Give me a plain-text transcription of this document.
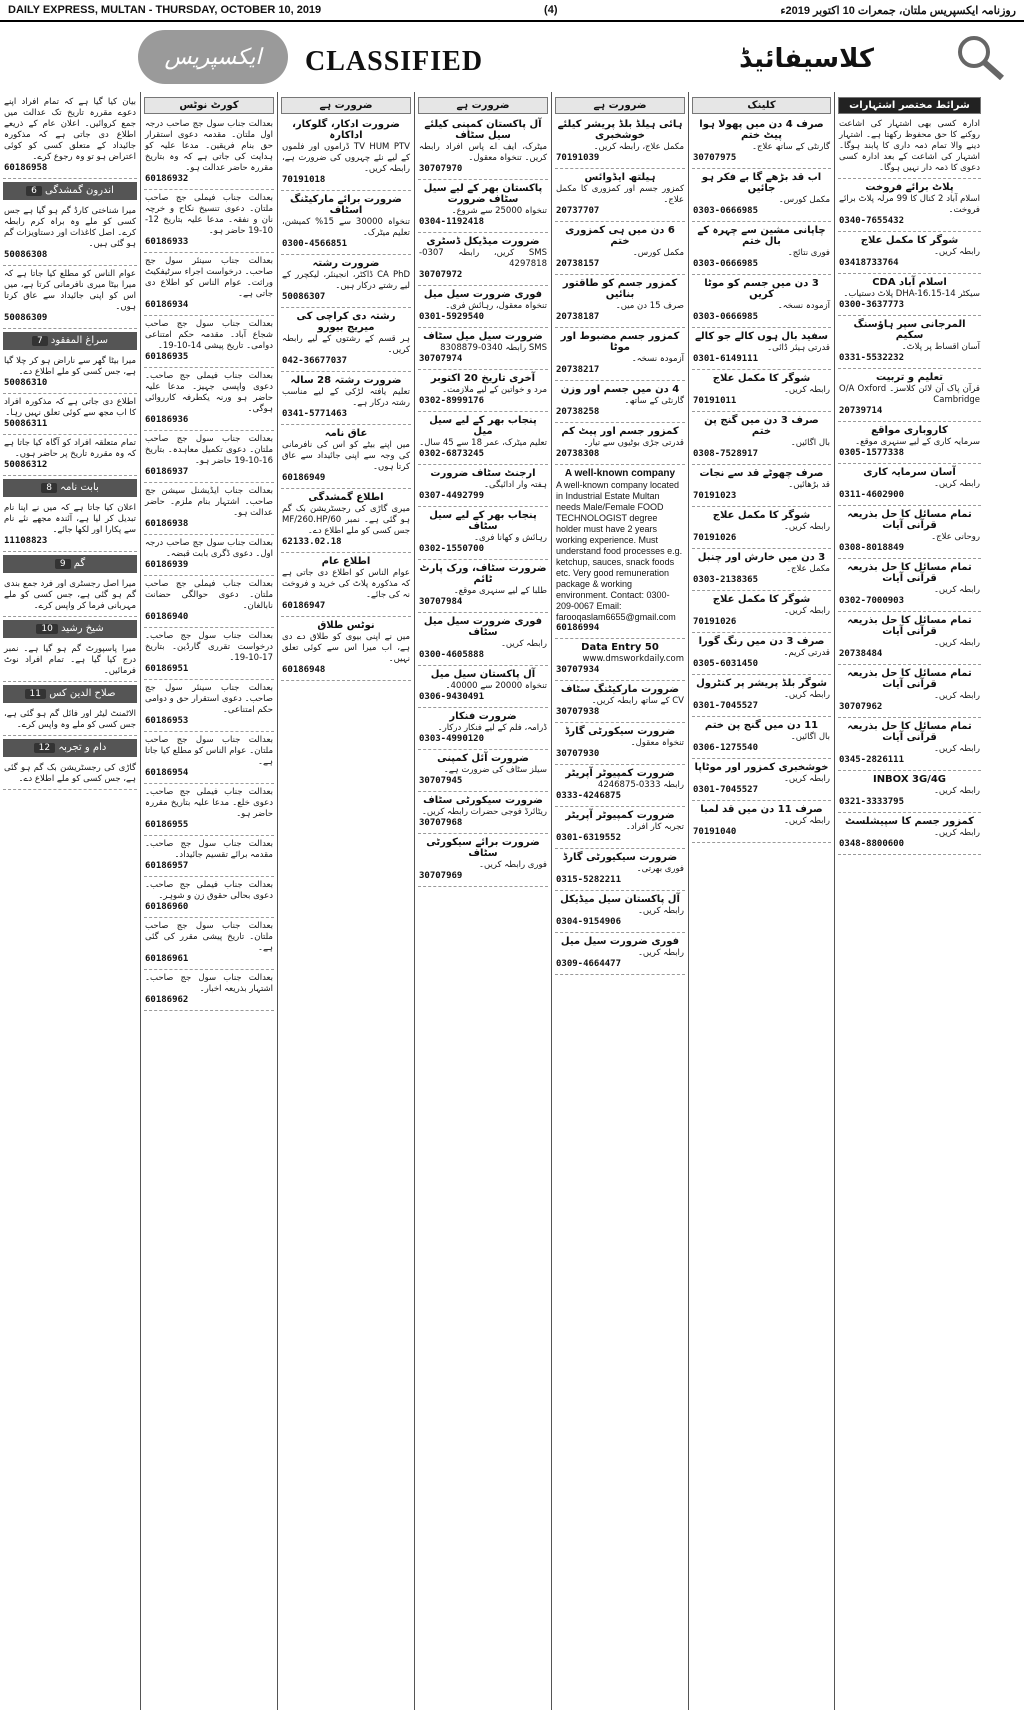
DAILY EXPRESS, MULTAN - THURSDAY, OCTOBER 10, 2019	(4)	روزنامہ ایکسپریس ملتان، جمعرات 10 اکتوبر 2019ء
ایکسپریس	CLASSIFIED	کلاسیفائیڈ
بیان کیا گیا ہے کہ تمام افراد اپنے دعوے مقررہ تاریخ تک عدالت میں جمع کروائیں۔ اعلان عام کے ذریعے اطلاع دی جاتی ہے کہ مذکورہ جائیداد کے متعلق کسی کو کوئی اعتراض ہو تو وہ رجوع کرے۔
60186958
اندرون گمشدگی 6
میرا شناختی کارڈ گم ہو گیا ہے جس کسی کو ملے وہ براہ کرم رابطہ کرے۔ اصل کاغذات اور دستاویزات گم ہو گئی ہیں۔
50086308
عوام الناس کو مطلع کیا جاتا ہے کہ میرا بیٹا میری نافرمانی کرتا ہے، میں اس کو اپنی جائیداد سے عاق کرتا ہوں۔
50086309
سراغ المفقود 7
میرا بیٹا گھر سے ناراض ہو کر چلا گیا ہے، جس کسی کو ملے اطلاع دے۔
50086310
اطلاع دی جاتی ہے کہ مذکورہ افراد کا اب مجھ سے کوئی تعلق نہیں رہا۔
50086311
تمام متعلقہ افراد کو آگاہ کیا جاتا ہے کہ وہ مقررہ تاریخ پر حاضر ہوں۔
50086312
بابت نامہ 8
اعلان کیا جاتا ہے کہ میں نے اپنا نام تبدیل کر لیا ہے، آئندہ مجھے نئے نام سے پکارا اور لکھا جائے۔
11108823
گم 9
میرا اصل رجسٹری اور فرد جمع بندی گم ہو گئی ہے، جس کسی کو ملے مہربانی فرما کر واپس کرے۔
شیخ رشید 10
میرا پاسپورٹ گم ہو گیا ہے۔ نمبر درج کیا گیا ہے۔ تمام افراد نوٹ فرمائیں۔
صلاح الدین کس 11
الاٹمنٹ لیٹر اور فائل گم ہو گئی ہے، جس کسی کو ملے وہ واپس کرے۔
دام و تجربہ 12
گاڑی کی رجسٹریشن بک گم ہو گئی ہے، جس کسی کو ملے اطلاع دے۔
کورٹ نوٹس
بعدالت جناب سول جج صاحب درجہ اول ملتان۔ مقدمہ دعوی استقرار حق بنام فریقین۔ مدعا علیہ کو ہدایت کی جاتی ہے کہ وہ بتاریخ مقررہ حاضر عدالت ہو۔
60186932
بعدالت جناب فیملی جج صاحب ملتان۔ دعوی تنسیخ نکاح و خرچہ نان و نفقہ۔ مدعا علیہ بتاریخ 12-10-19 حاضر ہو۔
60186933
بعدالت جناب سینئر سول جج صاحب۔ درخواست اجراء سرٹیفکیٹ وراثت۔ عوام الناس کو اطلاع دی جاتی ہے۔
60186934
بعدالت جناب سول جج صاحب شجاع آباد۔ مقدمہ حکم امتناعی دوامی۔ تاریخ پیشی 14-10-19۔
60186935
بعدالت جناب فیملی جج صاحب۔ دعوی واپسی جہیز۔ مدعا علیہ حاضر ہو ورنہ یکطرفہ کارروائی ہوگی۔
60186936
بعدالت جناب سول جج صاحب ملتان۔ دعوی تکمیل معاہدہ۔ بتاریخ 16-10-19 حاضر ہو۔
60186937
بعدالت جناب ایڈیشنل سیشن جج صاحب۔ اشتہار بنام ملزم۔ حاضر عدالت ہو۔
60186938
بعدالت جناب سول جج صاحب درجہ اول۔ دعوی ڈگری بابت قبضہ۔
60186939
بعدالت جناب فیملی جج صاحب ملتان۔ دعوی حوالگی حضانت نابالغان۔
60186940
بعدالت جناب سول جج صاحب۔ درخواست تقرری گارڈین۔ بتاریخ 17-10-19۔
60186951
بعدالت جناب سینئر سول جج صاحب۔ دعوی استقرار حق و دوامی حکم امتناعی۔
60186953
بعدالت جناب سول جج صاحب ملتان۔ عوام الناس کو مطلع کیا جاتا ہے۔
60186954
بعدالت جناب فیملی جج صاحب۔ دعوی خلع۔ مدعا علیہ بتاریخ مقررہ حاضر ہو۔
60186955
بعدالت جناب سول جج صاحب۔ مقدمہ برائے تقسیم جائیداد۔
60186957
بعدالت جناب فیملی جج صاحب۔ دعوی بحالی حقوق زن و شوہر۔
60186960
بعدالت جناب سول جج صاحب ملتان۔ تاریخ پیشی مقرر کی گئی ہے۔
60186961
بعدالت جناب سول جج صاحب۔ اشتہار بذریعہ اخبار۔
60186962
ضرورت ہے
ضرورت ادکار، گلوکار، اداکارہ
TV HUM PTV ڈراموں اور فلموں کے لیے نئے چہروں کی ضرورت ہے، رابطہ کریں۔
70191018
ضرورت برائے مارکیٹنگ اسٹاف
تنخواہ 30000 سے 15% کمیشن، تعلیم میٹرک۔
0300-4566851
ضرورت رشتہ
CA PhD ڈاکٹر، انجینئر، لیکچرر کے لیے رشتے درکار ہیں۔
50086307
رشتہ دی کراچی کی میریج بیورو
ہر قسم کے رشتوں کے لیے رابطہ کریں۔
042-36677037
ضرورت رشتہ 28 سالہ
تعلیم یافتہ لڑکی کے لیے مناسب رشتہ درکار ہے۔
0341-5771463
عاق نامہ
میں اپنے بیٹے کو اس کی نافرمانی کی وجہ سے اپنی جائیداد سے عاق کرتا ہوں۔
60186949
اطلاع گمشدگی
میری گاڑی کی رجسٹریشن بک گم ہو گئی ہے۔ نمبر MF/260.HP/60 جس کسی کو ملے اطلاع دے۔
62133.02.18
اطلاع عام
عوام الناس کو اطلاع دی جاتی ہے کہ مذکورہ پلاٹ کی خرید و فروخت نہ کی جائے۔
60186947
نوٹس طلاق
میں نے اپنی بیوی کو طلاق دے دی ہے، اب میرا اس سے کوئی تعلق نہیں۔
60186948
ضرورت ہے
آل پاکستان کمپنی کیلئے سیل سٹاف
میٹرک، ایف اے پاس افراد رابطہ کریں۔ تنخواہ معقول۔
30707970
پاکستان بھر کے لیے سیل سٹاف ضرورت
تنخواہ 25000 سے شروع۔
0304-1192418
ضرورت میڈیکل ڈسٹری
SMS کریں، رابطہ 0307-4297818
30707972
فوری ضرورت سیل میل
تنخواہ معقول، رہائش فری۔
0301-5929540
ضرورت سیل میل سٹاف
SMS رابطہ 0340-8308879
30707974
آخری تاریخ 20 اکتوبر
مرد و خواتین کے لیے ملازمت۔
0302-8999176
پنجاب بھر کے لیے سیل میل
تعلیم میٹرک، عمر 18 سے 45 سال۔
0302-6873245
ارجنٹ سٹاف ضرورت
ہفتہ وار ادائیگی۔
0307-4492799
پنجاب بھر کے لیے سیل سٹاف
رہائش و کھانا فری۔
0302-1550700
ضرورت سٹاف، ورک پارٹ ٹائم
طلبا کے لیے سنہری موقع۔
30707984
فوری ضرورت سیل میل سٹاف
رابطہ کریں۔
0300-4605888
آل پاکستان سیل میل
تنخواہ 20000 سے 40000۔
0306-9430491
ضرورت فنکار
ڈرامہ، فلم کے لیے فنکار درکار۔
0303-4990120
ضرورت آئل کمپنی
سیلز سٹاف کی ضرورت ہے۔
30707945
ضرورت سیکورٹی سٹاف
ریٹائرڈ فوجی حضرات رابطہ کریں۔
30707968
ضرورت برائے سیکورٹی سٹاف
فوری رابطہ کریں۔
30707969
ضرورت ہے
ہائی ہیلڈ بلڈ پریشر کیلئے خوشخبری
مکمل علاج، رابطہ کریں۔
70191039
ہیلتھ ایڈوائس
کمزور جسم اور کمزوری کا مکمل علاج۔
20737707
6 دن میں ہی کمزوری ختم
مکمل کورس۔
20738157
کمزور جسم کو طاقتور بنائیں
صرف 15 دن میں۔
20738187
کمزور جسم مضبوط اور موٹا
آزمودہ نسخہ۔
20738217
4 دن میں جسم اور وزن
گارنٹی کے ساتھ۔
20738258
کمزور جسم اور پیٹ کم
قدرتی جڑی بوٹیوں سے تیار۔
20738308
A well-known company
A well-known company located in Industrial Estate Multan needs Male/Female FOOD TECHNOLOGIST degree holder must have 2 years working experience. Must understand food processes e.g. ketchup, sauces, snack foods etc. Very good remuneration package & working environment. Contact: 0300-209-0067 Email: farooqaslam6655@gmail.com
60186994
50 Data Entry
www.dmsworkdaily.com
30707934
ضرورت مارکیٹنگ سٹاف
CV کے ساتھ رابطہ کریں۔
30707938
ضرورت سیکورٹی گارڈ
تنخواہ معقول۔
30707930
ضرورت کمپیوٹر آپریٹر
رابطہ 0333-4246875
0333-4246875
ضرورت کمپیوٹر آپریٹر
تجربہ کار افراد۔
0301-6319552
ضرورت سیکیورٹی گارڈ
فوری بھرتی۔
0315-5282211
آل پاکستان سیل میڈیکل
رابطہ کریں۔
0304-9154906
فوری ضرورت سیل میل
رابطہ کریں۔
0309-4664477
کلینک
صرف 4 دن میں پھولا ہوا پیٹ ختم
گارنٹی کے ساتھ علاج۔
30707975
اب قد بڑھے گا بے فکر ہو جائیں
مکمل کورس۔
0303-0666985
چاپانی مشین سے چہرہ کے بال ختم
فوری نتائج۔
0303-0666985
3 دن میں جسم کو موٹا کریں
آزمودہ نسخہ۔
0303-0666985
سفید بال ہوں کالے جو کالے
قدرتی ہیئر ڈائی۔
0301-6149111
شوگر کا مکمل علاج
رابطہ کریں۔
70191011
صرف 3 دن میں گنج پن ختم
بال اگائیں۔
0308-7528917
صرف چھوٹے قد سے نجات
قد بڑھائیں۔
70191023
شوگر کا مکمل علاج
رابطہ کریں۔
70191026
3 دن میں خارش اور چنبل
مکمل علاج۔
0303-2138365
شوگر کا مکمل علاج
رابطہ کریں۔
70191026
صرف 3 دن میں رنگ گورا
قدرتی کریم۔
0305-6031450
شوگر بلڈ پریشر پر کنٹرول
رابطہ کریں۔
0301-7045527
11 دن میں گنج پن ختم
بال اگائیں۔
0306-1275540
خوشخبری کمزور اور موٹاپا
رابطہ کریں۔
0301-7045527
صرف 11 دن میں قد لمبا
رابطہ کریں۔
70191040
شرائط مختصر اشتہارات
ادارہ کسی بھی اشتہار کی اشاعت روکنے کا حق محفوظ رکھتا ہے۔ اشتہار دینے والا تمام ذمہ داری کا پابند ہوگا۔ اشتہار کی اشاعت کے بعد ادارہ کسی دعوی کا ذمہ دار نہیں ہوگا۔
پلاٹ برائے فروخت
اسلام آباد 2 کنال کا 99 مرلہ پلاٹ برائے فروخت۔
0340-7655432
شوگر کا مکمل علاج
رابطہ کریں۔
03418733764
اسلام آباد CDA
سیکٹر DHA-16.15-14 پلاٹ دستیاب۔
0300-3637773
المرجانی سپر ہاؤسنگ سکیم
آسان اقساط پر پلاٹ۔
0331-5532232
تعلیم و تربیت
قرآن پاک آن لائن کلاسز۔ O/A Oxford Cambridge
20739714
کاروباری مواقع
سرمایہ کاری کے لیے سنہری موقع۔
0305-1577338
آسان سرمایہ کاری
رابطہ کریں۔
0311-4602900
تمام مسائل کا حل بذریعہ قرآنی آیات
روحانی علاج۔
0308-8018849
تمام مسائل کا حل بذریعہ قرآنی آیات
رابطہ کریں۔
0302-7000903
تمام مسائل کا حل بذریعہ قرآنی آیات
رابطہ کریں۔
20738484
تمام مسائل کا حل بذریعہ قرآنی آیات
رابطہ کریں۔
30707962
تمام مسائل کا حل بذریعہ قرآنی آیات
رابطہ کریں۔
0345-2826111
INBOX 3G/4G
رابطہ کریں۔
0321-3333795
کمزور جسم کا سپیشلسٹ
رابطہ کریں۔
0348-8800600
